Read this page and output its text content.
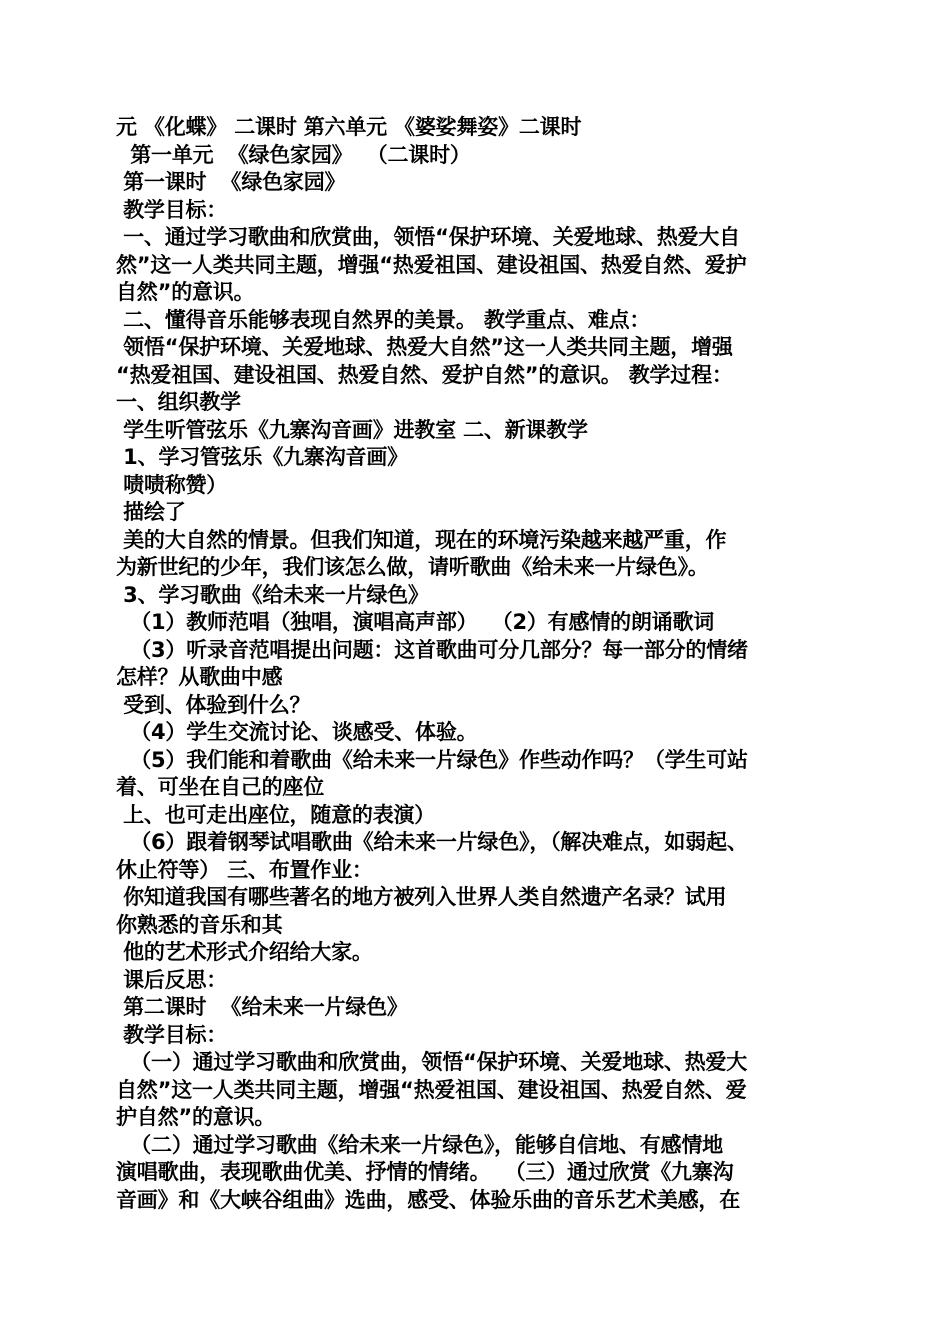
元 《化蝶》 二课时 第六单元 《婆娑舞姿》二课时
第一单元  《绿色家园》  （二课时）
第一课时  《绿色家园》
教学目标：
一、通过学习歌曲和欣赏曲，领悟“保护环境、关爱地球、热爱大自
然”这一人类共同主题，增强“热爱祖国、建设祖国、热爱自然、爱护
自然”的意识。
二、懂得音乐能够表现自然界的美景。 教学重点、难点：
领悟“保护环境、关爱地球、热爱大自然”这一人类共同主题，增强
“热爱祖国、建设祖国、热爱自然、爱护自然”的意识。 教学过程：
一、组织教学
学生听管弦乐《九寨沟音画》进教室 二、新课教学
1、学习管弦乐《九寨沟音画》
啧啧称赞）
描绘了
美的大自然的情景。但我们知道，现在的环境污染越来越严重，作
为新世纪的少年，我们该怎么做，请听歌曲《给未来一片绿色》。
3、学习歌曲《给未来一片绿色》
（1）教师范唱（独唱，演唱高声部）  （2）有感情的朗诵歌词
（3）听录音范唱提出问题：这首歌曲可分几部分？每一部分的情绪
怎样？从歌曲中感
受到、体验到什么？
（4）学生交流讨论、谈感受、体验。
（5）我们能和着歌曲《给未来一片绿色》作些动作吗？（学生可站
着、可坐在自己的座位
上、也可走出座位，随意的表演）
（6）跟着钢琴试唱歌曲《给未来一片绿色》，（解决难点，如弱起、
休止符等） 三、布置作业：
你知道我国有哪些著名的地方被列入世界人类自然遗产名录？试用
你熟悉的音乐和其
他的艺术形式介绍给大家。
课后反思：
第二课时  《给未来一片绿色》
教学目标：
（一）通过学习歌曲和欣赏曲，领悟“保护环境、关爱地球、热爱大
自然”这一人类共同主题，增强“热爱祖国、建设祖国、热爱自然、爱
护自然”的意识。
（二）通过学习歌曲《给未来一片绿色》，能够自信地、有感情地
演唱歌曲，表现歌曲优美、抒情的情绪。  （三）通过欣赏《九寨沟
音画》和《大峡谷组曲》选曲，感受、体验乐曲的音乐艺术美感，在
